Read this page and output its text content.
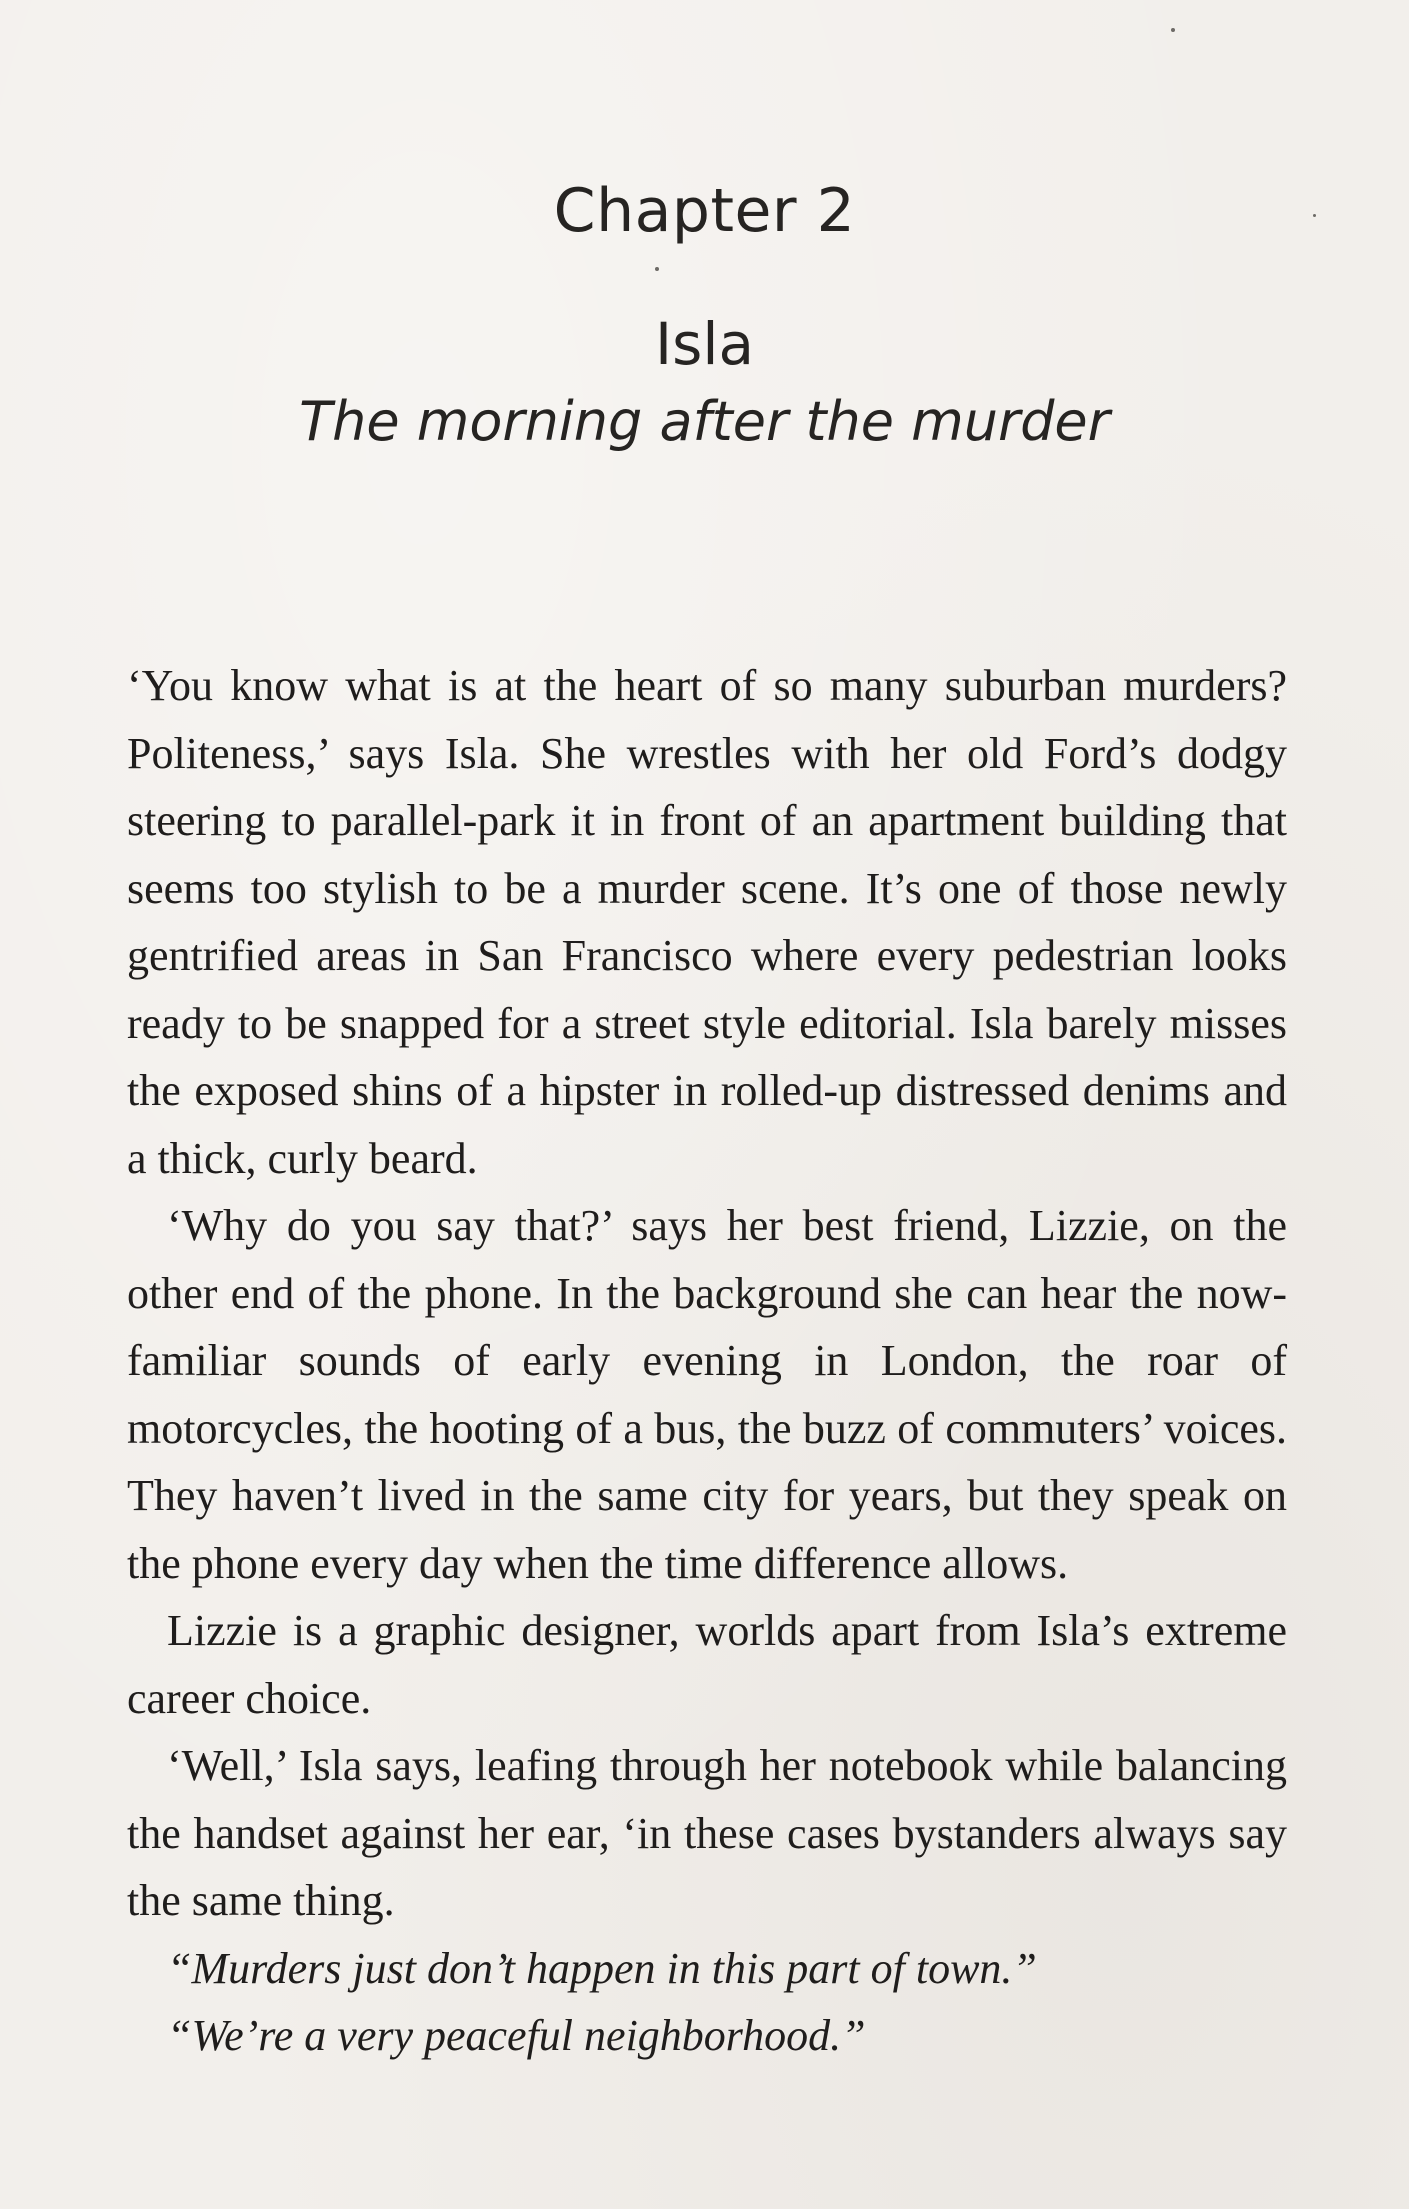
Chapter 2
Isla
The morning after the murder

‘You know what is at the heart of so many suburban murders? Politeness,’ says Isla. She wrestles with her old Ford’s dodgy steering to parallel-park it in front of an apartment building that seems too stylish to be a murder scene. It’s one of those newly gentrified areas in San Francisco where every pedestrian looks ready to be snapped for a street style editorial. Isla barely misses the exposed shins of a hipster in rolled-up distressed denims and a thick, curly beard.

‘Why do you say that?’ says her best friend, Lizzie, on the other end of the phone. In the background she can hear the now-familiar sounds of early evening in London, the roar of motorcycles, the hooting of a bus, the buzz of commuters’ voices. They haven’t lived in the same city for years, but they speak on the phone every day when the time difference allows.

Lizzie is a graphic designer, worlds apart from Isla’s extreme career choice.

‘Well,’ Isla says, leafing through her notebook while balancing the handset against her ear, ‘in these cases bystanders always say the same thing.

“Murders just don’t happen in this part of town.”

“We’re a very peaceful neighborhood.”
